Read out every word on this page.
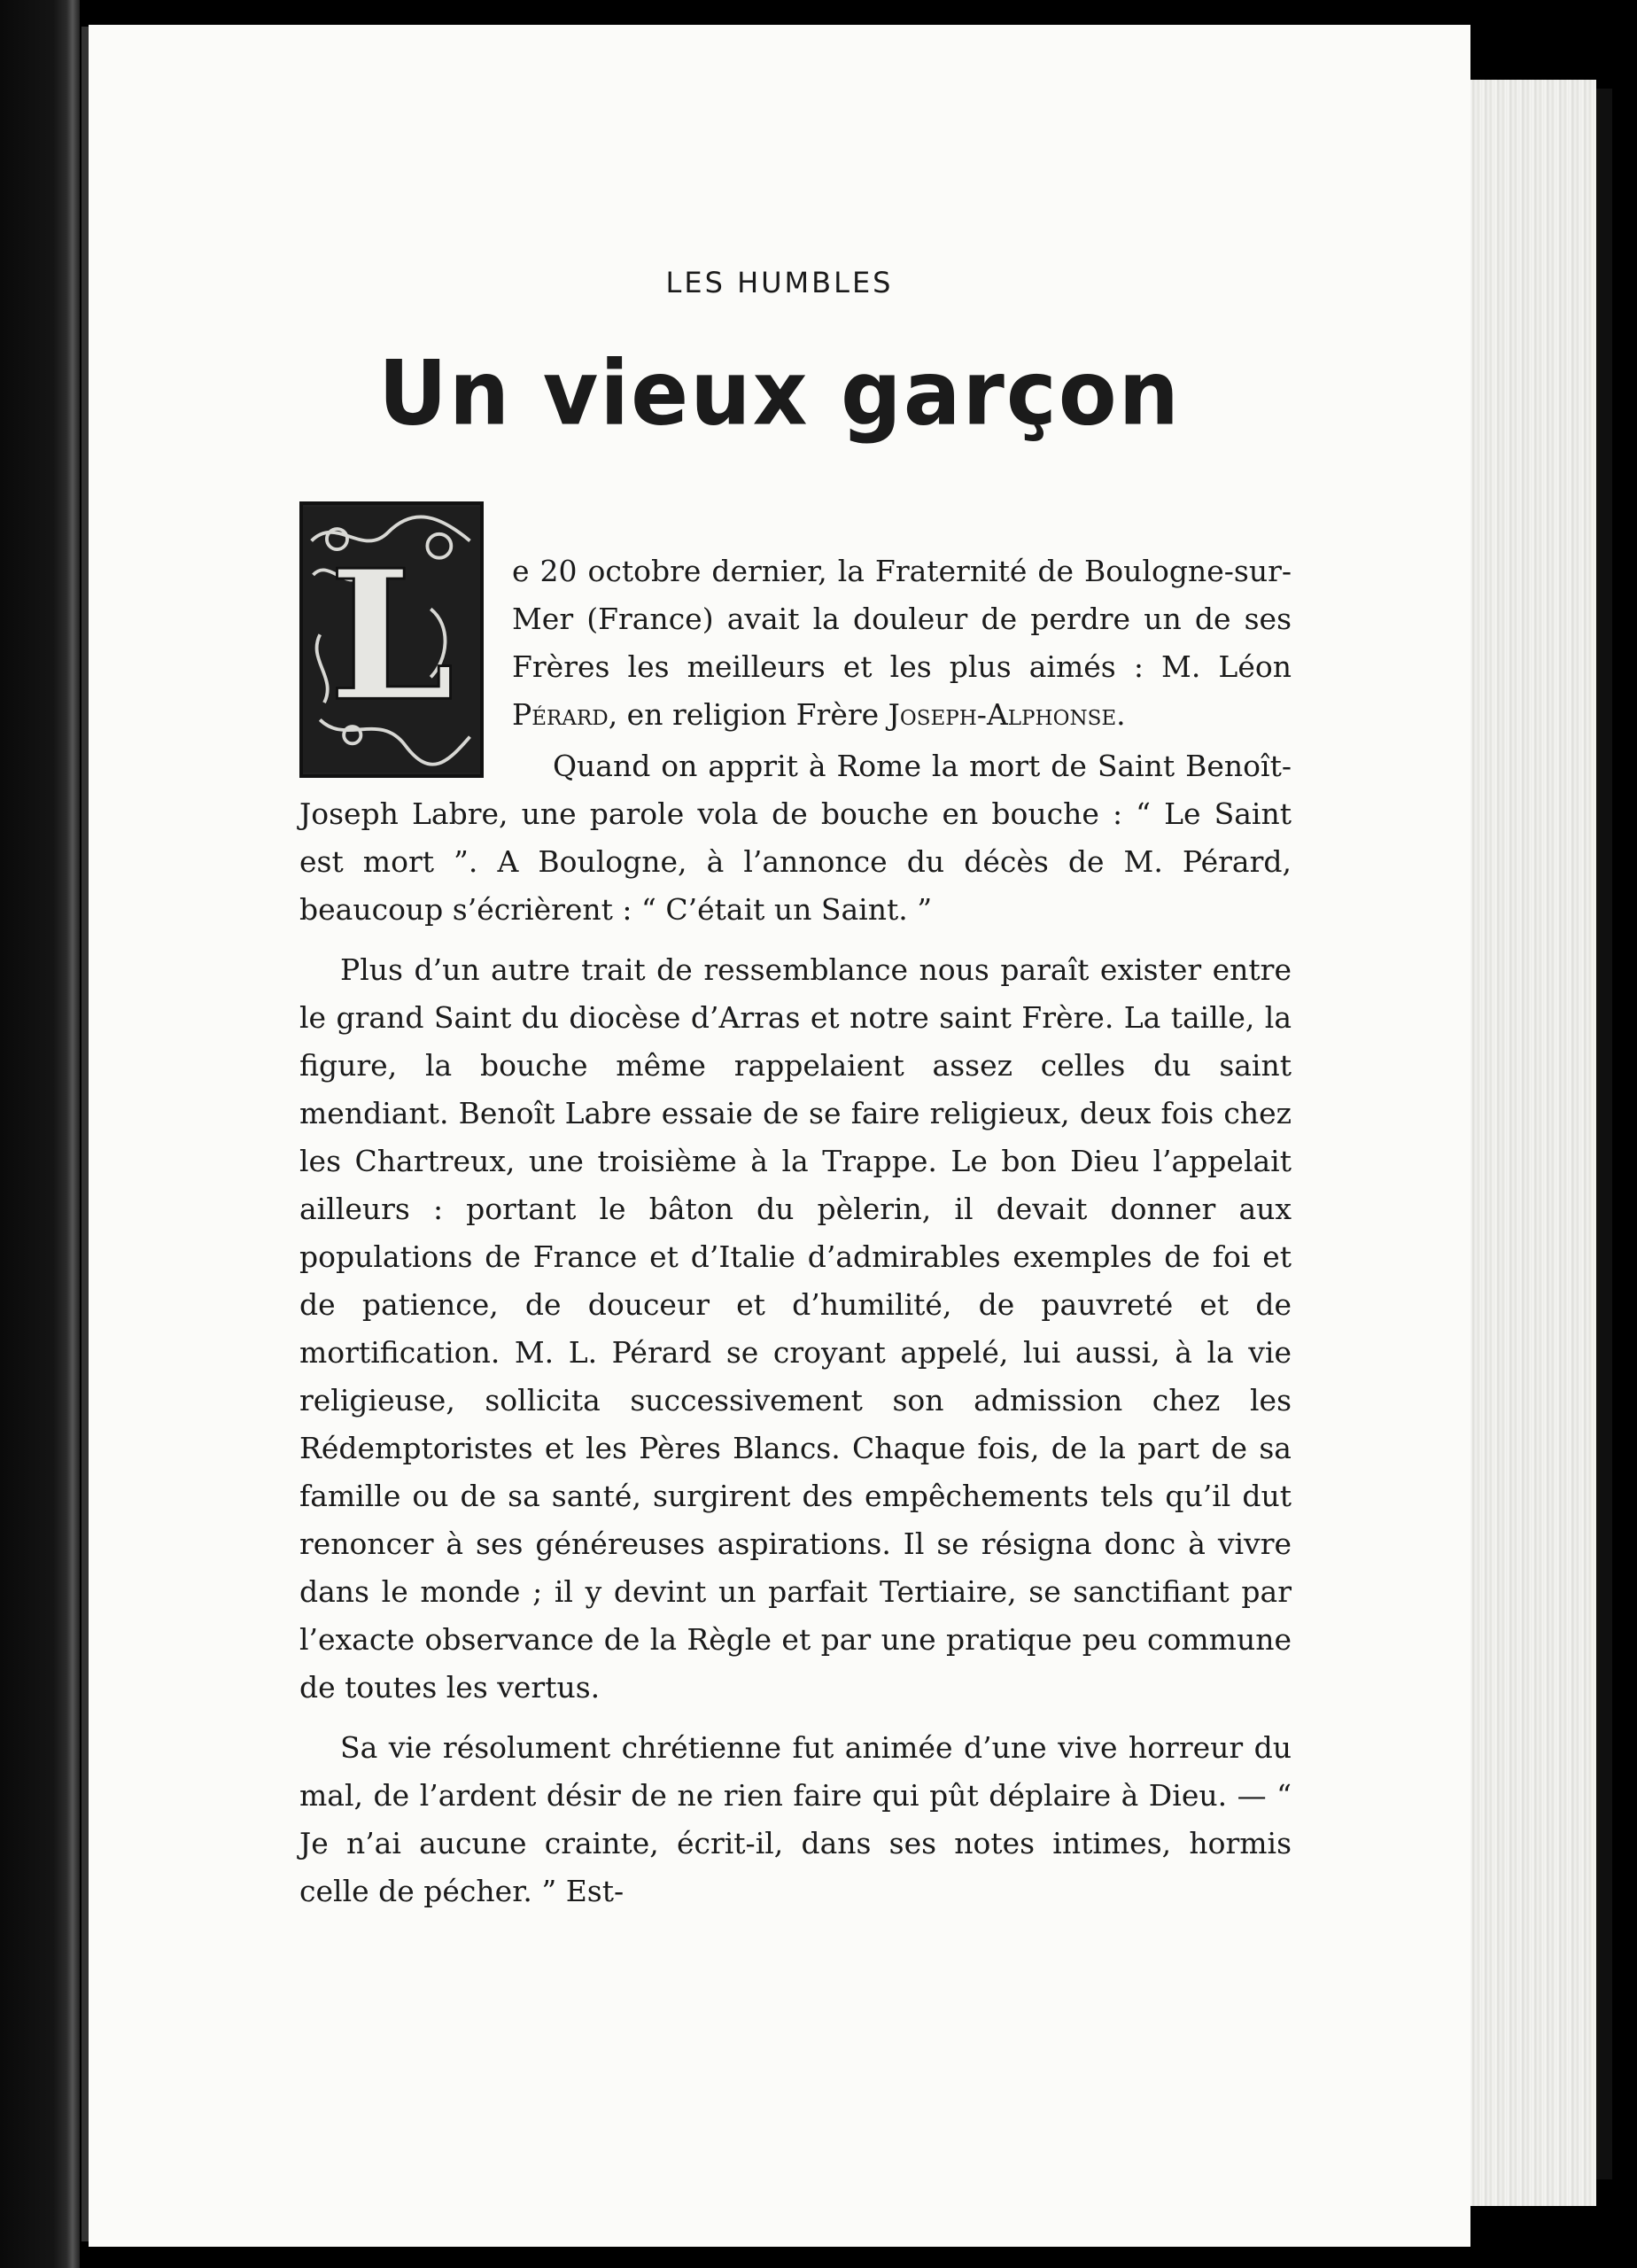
LES HUMBLES
Un vieux garçon
L	e 20 octobre dernier, la Fraternité de Boulogne-sur-Mer (France) avait la douleur de perdre un de ses Frères les meilleurs et les plus aimés : M. Léon Pérard, en religion Frère Joseph-Alphonse.

Quand on apprit à Rome la mort de Saint Benoît-Joseph Labre, une parole vola de bouche en bouche : “ Le Saint est mort ”. A Boulogne, à l’annonce du décès de M. Pérard, beaucoup s’écrièrent : “ C’était un Saint. ”

Plus d’un autre trait de ressemblance nous paraît exister entre le grand Saint du diocèse d’Arras et notre saint Frère. La taille, la figure, la bouche même rappelaient assez celles du saint mendiant. Benoît Labre essaie de se faire religieux, deux fois chez les Chartreux, une troisième à la Trappe. Le bon Dieu l’appelait ailleurs : portant le bâton du pèlerin, il devait donner aux populations de France et d’Italie d’admirables exemples de foi et de patience, de douceur et d’humilité, de pauvreté et de mortification. M. L. Pérard se croyant appelé, lui aussi, à la vie religieuse, sollicita successivement son admission chez les Rédemptoristes et les Pères Blancs. Chaque fois, de la part de sa famille ou de sa santé, surgirent des empêchements tels qu’il dut renoncer à ses généreuses aspirations. Il se résigna donc à vivre dans le monde ; il y devint un parfait Tertiaire, se sanctifiant par l’exacte observance de la Règle et par une pratique peu commune de toutes les vertus.

Sa vie résolument chrétienne fut animée d’une vive horreur du mal, de l’ardent désir de ne rien faire qui pût déplaire à Dieu. — “ Je n’ai aucune crainte, écrit-il, dans ses notes intimes, hormis celle de pécher. ” Est-
